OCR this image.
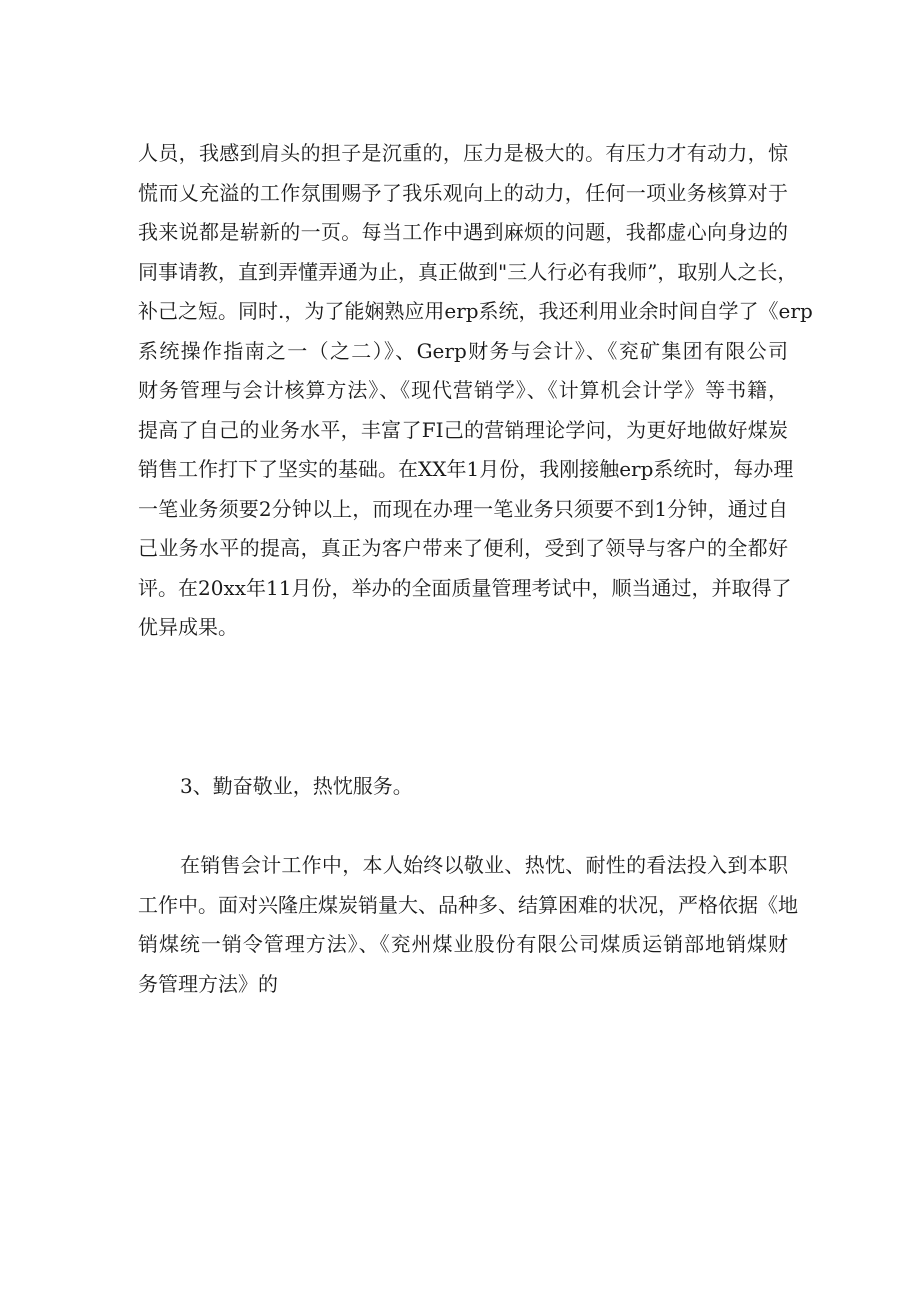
人员，我感到肩头的担子是沉重的，压力是极大的。有压力才有动力，惊
慌而乂充溢的工作氛围赐予了我乐观向上的动力，任何一项业务核算对于
我来说都是崭新的一页。每当工作中遇到麻烦的问题，我都虚心向身边的
同事请教，直到弄懂弄通为止，真正做到"三人行必有我师”，取别人之长，
补己之短。同时.，为了能娴熟应用erp系统，我还利用业余时间自学了《erp
系统操作指南之一（之二）》、Gerp财务与会计》、《兖矿集团有限公司
财务管理与会计核算方法》、《现代营销学》、《计算机会计学》等书籍，
提高了自己的业务水平，丰富了FI己的营销理论学问，为更好地做好煤炭
销售工作打下了坚实的基础。在XX年1月份，我刚接触erp系统时，每办理
一笔业务须要2分钟以上，而现在办理一笔业务只须要不到1分钟，通过自
己业务水平的提高，真正为客户带来了便利，受到了领导与客户的全都好
评。在20xx年11月份，举办的全面质量管理考试中，顺当通过，并取得了
优异成果。
3、勤奋敬业，热忱服务。
在销售会计工作中，本人始终以敬业、热忱、耐性的看法投入到本职
工作中。面对兴隆庄煤炭销量大、品种多、结算困难的状况，严格依据《地
销煤统一销令管理方法》、《兖州煤业股份有限公司煤质运销部地销煤财
务管理方法》的
